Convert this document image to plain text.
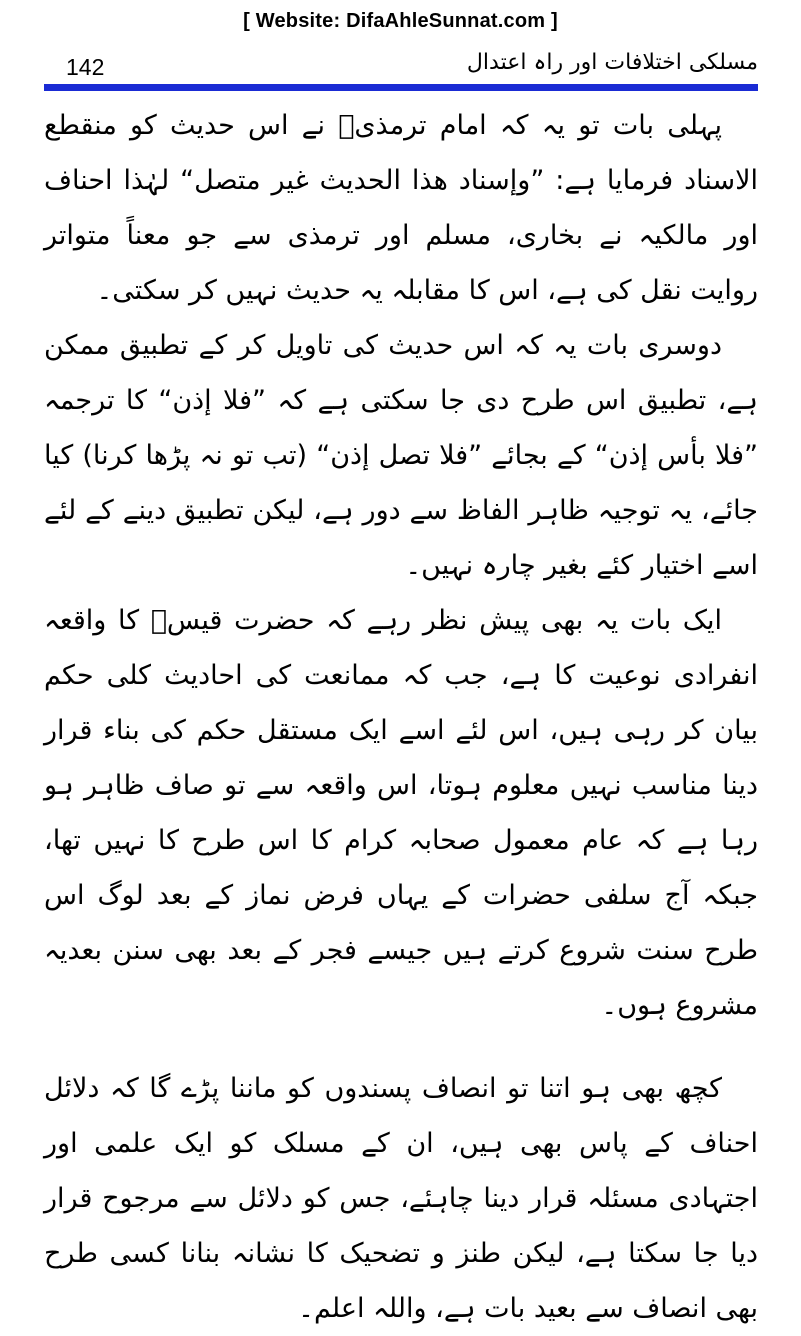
[ Website: DifaAhleSunnat.com ]
142	مسلکی اختلافات اور راہ اعتدال

پہلی بات تو یہ کہ امام ترمذیؒ نے اس حدیث کو منقطع الاسناد فرمایا ہے: ”وإسناد هذا الحديث غير متصل“ لہٰذا احناف اور مالکیہ نے بخاری، مسلم اور ترمذی سے جو معناً متواتر روایت نقل کی ہے، اس کا مقابلہ یہ حدیث نہیں کر سکتی۔

دوسری بات یہ کہ اس حدیث کی تاویل کر کے تطبیق ممکن ہے، تطبیق اس طرح دی جا سکتی ہے کہ ”فلا إذن“ کا ترجمہ ”فلا بأس إذن“ کے بجائے ”فلا تصل إذن“ (تب تو نہ پڑھا کرنا) کیا جائے، یہ توجیہ ظاہر الفاظ سے دور ہے، لیکن تطبیق دینے کے لئے اسے اختیار کئے بغیر چارہ نہیں۔

ایک بات یہ بھی پیش نظر رہے کہ حضرت قیسؓ کا واقعہ انفرادی نوعیت کا ہے، جب کہ ممانعت کی احادیث کلی حکم بیان کر رہی ہیں، اس لئے اسے ایک مستقل حکم کی بناء قرار دینا مناسب نہیں معلوم ہوتا، اس واقعہ سے تو صاف ظاہر ہو رہا ہے کہ عام معمول صحابہ کرام کا اس طرح کا نہیں تھا، جبکہ آج سلفی حضرات کے یہاں فرض نماز کے بعد لوگ اس طرح سنت شروع کرتے ہیں جیسے فجر کے بعد بھی سنن بعدیہ مشروع ہوں۔

کچھ بھی ہو اتنا تو انصاف پسندوں کو ماننا پڑے گا کہ دلائل احناف کے پاس بھی ہیں، ان کے مسلک کو ایک علمی اور اجتہادی مسئلہ قرار دینا چاہئے، جس کو دلائل سے مرجوح قرار دیا جا سکتا ہے، لیکن طنز و تضحیک کا نشانہ بنانا کسی طرح بھی انصاف سے بعید بات ہے، واللہ اعلم۔
